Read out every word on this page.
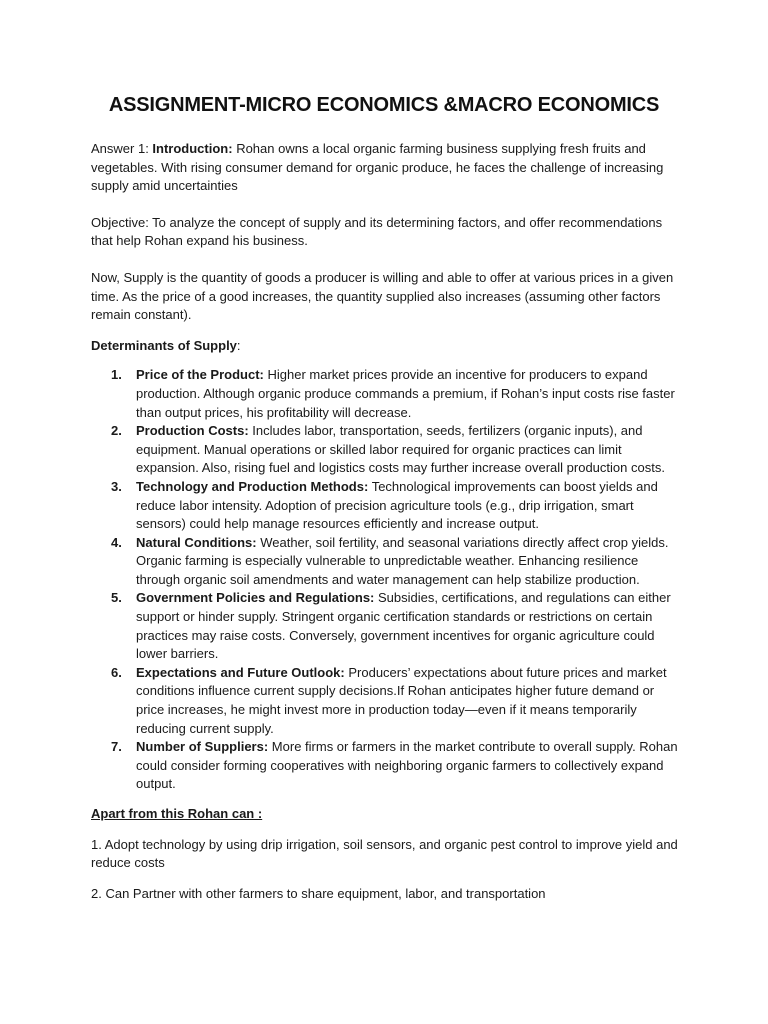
ASSIGNMENT-MICRO ECONOMICS &MACRO ECONOMICS

Answer 1: Introduction: Rohan owns a local organic farming business supplying fresh fruits and vegetables. With rising consumer demand for organic produce, he faces the challenge of increasing supply amid uncertainties

Objective: To analyze the concept of supply and its determining factors, and offer recommendations that help Rohan expand his business.

Now, Supply is the quantity of goods a producer is willing and able to offer at various prices in a given time. As the price of a good increases, the quantity supplied also increases (assuming other factors remain constant).

Determinants of Supply:

1. Price of the Product: Higher market prices provide an incentive for producers to expand production. Although organic produce commands a premium, if Rohan’s input costs rise faster than output prices, his profitability will decrease.
2. Production Costs: Includes labor, transportation, seeds, fertilizers (organic inputs), and equipment. Manual operations or skilled labor required for organic practices can limit expansion. Also, rising fuel and logistics costs may further increase overall production costs.
3. Technology and Production Methods: Technological improvements can boost yields and reduce labor intensity. Adoption of precision agriculture tools (e.g., drip irrigation, smart sensors) could help manage resources efficiently and increase output.
4. Natural Conditions: Weather, soil fertility, and seasonal variations directly affect crop yields. Organic farming is especially vulnerable to unpredictable weather. Enhancing resilience through organic soil amendments and water management can help stabilize production.
5. Government Policies and Regulations: Subsidies, certifications, and regulations can either support or hinder supply. Stringent organic certification standards or restrictions on certain practices may raise costs. Conversely, government incentives for organic agriculture could lower barriers.
6. Expectations and Future Outlook: Producers’ expectations about future prices and market conditions influence current supply decisions.If Rohan anticipates higher future demand or price increases, he might invest more in production today—even if it means temporarily reducing current supply.
7. Number of Suppliers: More firms or farmers in the market contribute to overall supply. Rohan could consider forming cooperatives with neighboring organic farmers to collectively expand output.

Apart from this Rohan can :

1. Adopt technology by using drip irrigation, soil sensors, and organic pest control to improve yield and reduce costs

2. Can Partner with other farmers to share equipment, labor, and transportation
